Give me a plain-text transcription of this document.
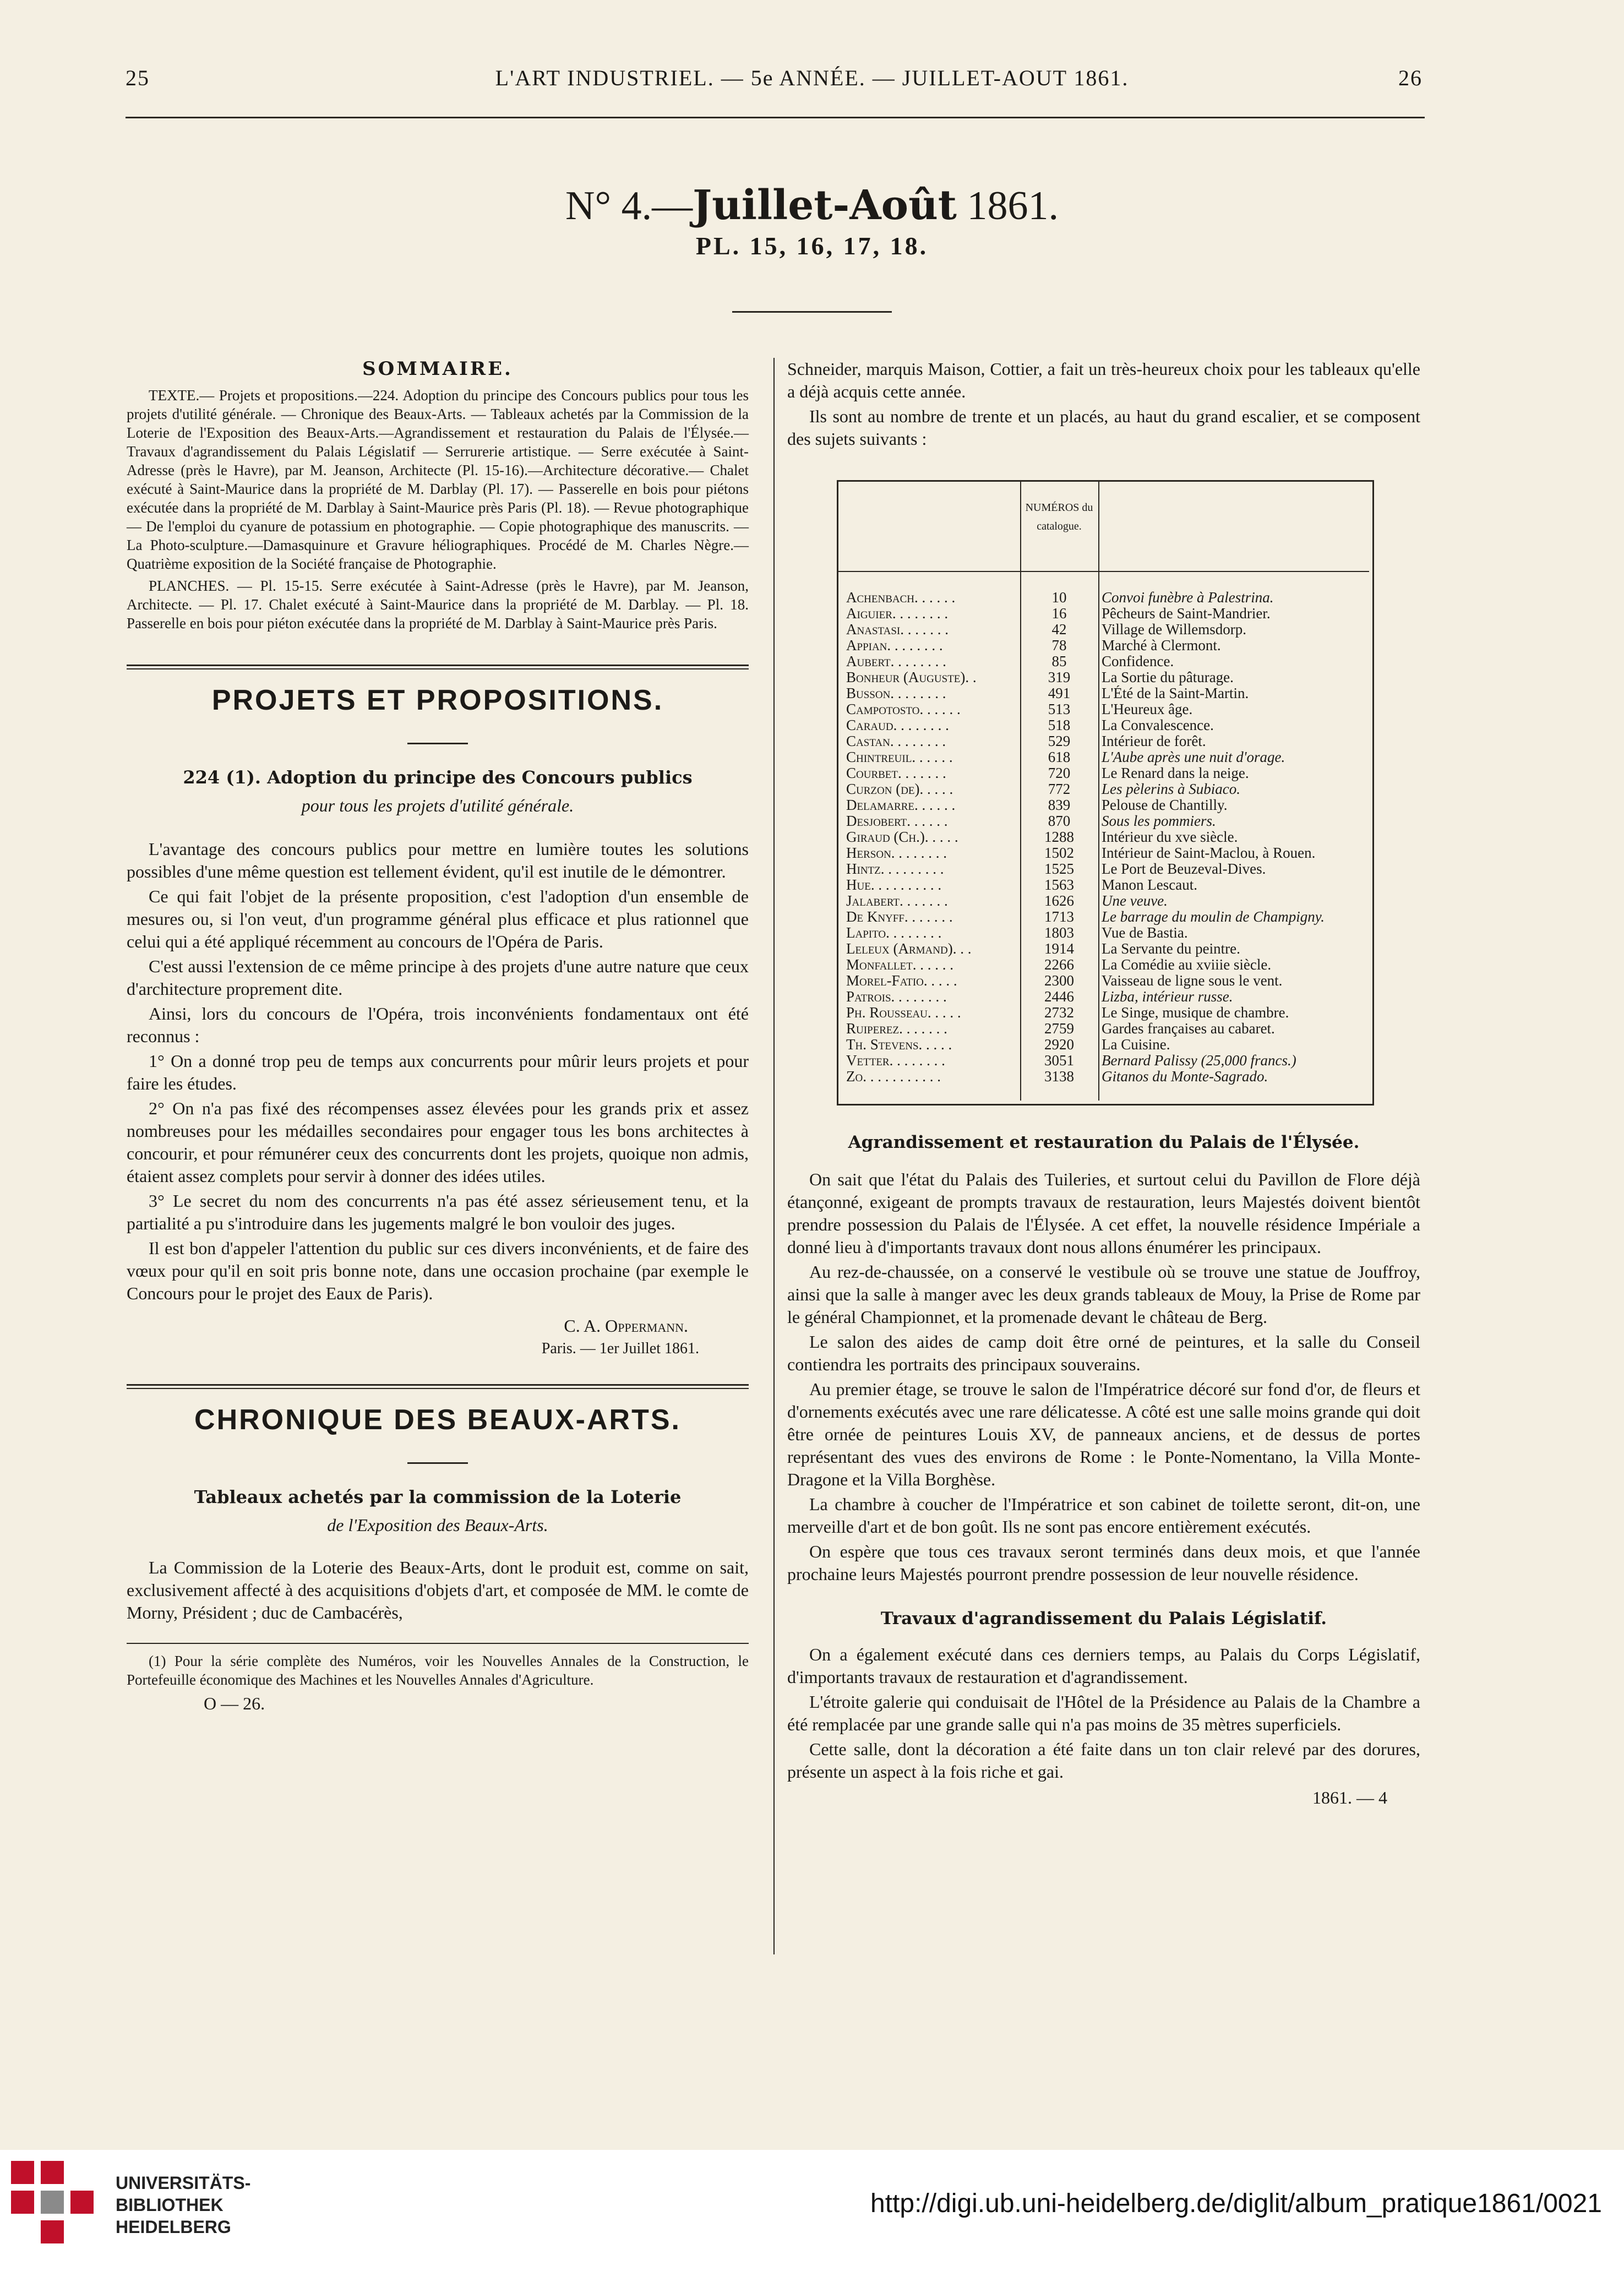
25	L'ART INDUSTRIEL. — 5e ANNÉE. — JUILLET-AOUT 1861.	26
N° 4.—Juillet-Août 1861.
PL. 15, 16, 17, 18.
SOMMAIRE.

TEXTE.— Projets et propositions.—224. Adoption du principe des Concours publics pour tous les projets d'utilité générale. — Chronique des Beaux-Arts. — Tableaux achetés par la Commission de la Loterie de l'Exposition des Beaux-Arts.—Agrandissement et restauration du Palais de l'Élysée.—Travaux d'agrandissement du Palais Législatif — Serrurerie artistique. — Serre exécutée à Saint-Adresse (près le Havre), par M. Jeanson, Architecte (Pl. 15-16).—Architecture décorative.— Chalet exécuté à Saint-Maurice dans la propriété de M. Darblay (Pl. 17). — Passerelle en bois pour piétons exécutée dans la propriété de M. Darblay à Saint-Maurice près Paris (Pl. 18). — Revue photographique — De l'emploi du cyanure de potassium en photographie. — Copie photographique des manuscrits. — La Photo-sculpture.—Damasquinure et Gravure héliographiques. Procédé de M. Charles Nègre.—Quatrième exposition de la Société française de Photographie.

PLANCHES. — Pl. 15-15. Serre exécutée à Saint-Adresse (près le Havre), par M. Jeanson, Architecte. — Pl. 17. Chalet exécuté à Saint-Maurice dans la propriété de M. Darblay. — Pl. 18. Passerelle en bois pour piéton exécutée dans la propriété de M. Darblay à Saint-Maurice près Paris.

PROJETS ET PROPOSITIONS.
224 (1). Adoption du principe des Concours publics
pour tous les projets d'utilité générale.

L'avantage des concours publics pour mettre en lumière toutes les solutions possibles d'une même question est tellement évident, qu'il est inutile de le démontrer.

Ce qui fait l'objet de la présente proposition, c'est l'adoption d'un ensemble de mesures ou, si l'on veut, d'un programme général plus efficace et plus rationnel que celui qui a été appliqué récemment au concours de l'Opéra de Paris.

C'est aussi l'extension de ce même principe à des projets d'une autre nature que ceux d'architecture proprement dite.

Ainsi, lors du concours de l'Opéra, trois inconvénients fondamentaux ont été reconnus :

1° On a donné trop peu de temps aux concurrents pour mûrir leurs projets et pour faire les études.

2° On n'a pas fixé des récompenses assez élevées pour les grands prix et assez nombreuses pour les médailles secondaires pour engager tous les bons architectes à concourir, et pour rémunérer ceux des concurrents dont les projets, quoique non admis, étaient assez complets pour servir à donner des idées utiles.

3° Le secret du nom des concurrents n'a pas été assez sérieusement tenu, et la partialité a pu s'introduire dans les jugements malgré le bon vouloir des juges.

Il est bon d'appeler l'attention du public sur ces divers inconvénients, et de faire des vœux pour qu'il en soit pris bonne note, dans une occasion prochaine (par exemple le Concours pour le projet des Eaux de Paris).

C. A. Oppermann.
Paris. — 1er Juillet 1861.
CHRONIQUE DES BEAUX-ARTS.
Tableaux achetés par la commission de la Loterie
de l'Exposition des Beaux-Arts.

La Commission de la Loterie des Beaux-Arts, dont le produit est, comme on sait, exclusivement affecté à des acquisitions d'objets d'art, et composée de MM. le comte de Morny, Président ; duc de Cambacérès,

(1) Pour la série complète des Numéros, voir les Nouvelles Annales de la Construction, le Portefeuille économique des Machines et les Nouvelles Annales d'Agriculture.

O — 26.

Schneider, marquis Maison, Cottier, a fait un très-heureux choix pour les tableaux qu'elle a déjà acquis cette année.

Ils sont au nombre de trente et un placés, au haut du grand escalier, et se composent des sujets suivants :

NUMÉROS du catalogue.
Achenbach. . . . . .	10	Convoi funèbre à Palestrina.
Aiguier. . . . . . . .	16	Pêcheurs de Saint-Mandrier.
Anastasi. . . . . . .	42	Village de Willemsdorp.
Appian. . . . . . . .	78	Marché à Clermont.
Aubert. . . . . . . .	85	Confidence.
Bonheur (Auguste). .	319	La Sortie du pâturage.
Busson. . . . . . . .	491	L'Été de la Saint-Martin.
Campotosto. . . . . .	513	L'Heureux âge.
Caraud. . . . . . . .	518	La Convalescence.
Castan. . . . . . . .	529	Intérieur de forêt.
Chintreuil. . . . . .	618	L'Aube après une nuit d'orage.
Courbet. . . . . . .	720	Le Renard dans la neige.
Curzon (de). . . . .	772	Les pèlerins à Subiaco.
Delamarre. . . . . .	839	Pelouse de Chantilly.
Desjobert. . . . . .	870	Sous les pommiers.
Giraud (Ch.). . . . .	1288	Intérieur du xve siècle.
Herson. . . . . . . .	1502	Intérieur de Saint-Maclou, à Rouen.
Hintz. . . . . . . . .	1525	Le Port de Beuzeval-Dives.
Hue. . . . . . . . . .	1563	Manon Lescaut.
Jalabert. . . . . . .	1626	Une veuve.
De Knyff. . . . . . .	1713	Le barrage du moulin de Champigny.
Lapito. . . . . . . .	1803	Vue de Bastia.
Leleux (Armand). . .	1914	La Servante du peintre.
Monfallet. . . . . .	2266	La Comédie au xviiie siècle.
Morel-Fatio. . . . .	2300	Vaisseau de ligne sous le vent.
Patrois. . . . . . . .	2446	Lizba, intérieur russe.
Ph. Rousseau. . . . .	2732	Le Singe, musique de chambre.
Ruiperez. . . . . . .	2759	Gardes françaises au cabaret.
Th. Stevens. . . . .	2920	La Cuisine.
Vetter. . . . . . . .	3051	Bernard Palissy (25,000 francs.)
Zo. . . . . . . . . . .	3138	Gitanos du Monte-Sagrado.
Agrandissement et restauration du Palais de l'Élysée.

On sait que l'état du Palais des Tuileries, et surtout celui du Pavillon de Flore déjà étançonné, exigeant de prompts travaux de restauration, leurs Majestés doivent bientôt prendre possession du Palais de l'Élysée. A cet effet, la nouvelle résidence Impériale a donné lieu à d'importants travaux dont nous allons énumérer les principaux.

Au rez-de-chaussée, on a conservé le vestibule où se trouve une statue de Jouffroy, ainsi que la salle à manger avec les deux grands tableaux de Mouy, la Prise de Rome par le général Championnet, et la promenade devant le château de Berg.

Le salon des aides de camp doit être orné de peintures, et la salle du Conseil contiendra les portraits des principaux souverains.

Au premier étage, se trouve le salon de l'Impératrice décoré sur fond d'or, de fleurs et d'ornements exécutés avec une rare délicatesse. A côté est une salle moins grande qui doit être ornée de peintures Louis XV, de panneaux anciens, et de dessus de portes représentant des vues des environs de Rome : le Ponte-Nomentano, la Villa Monte-Dragone et la Villa Borghèse.

La chambre à coucher de l'Impératrice et son cabinet de toilette seront, dit-on, une merveille d'art et de bon goût. Ils ne sont pas encore entièrement exécutés.

On espère que tous ces travaux seront terminés dans deux mois, et que l'année prochaine leurs Majestés pourront prendre possession de leur nouvelle résidence.

Travaux d'agrandissement du Palais Législatif.

On a également exécuté dans ces derniers temps, au Palais du Corps Législatif, d'importants travaux de restauration et d'agrandissement.

L'étroite galerie qui conduisait de l'Hôtel de la Présidence au Palais de la Chambre a été remplacée par une grande salle qui n'a pas moins de 35 mètres superficiels.

Cette salle, dont la décoration a été faite dans un ton clair relevé par des dorures, présente un aspect à la fois riche et gai.

1861. — 4
UNIVERSITÄTS-
BIBLIOTHEK
HEIDELBERG
http://digi.ub.uni-heidelberg.de/diglit/album_pratique1861/0021
